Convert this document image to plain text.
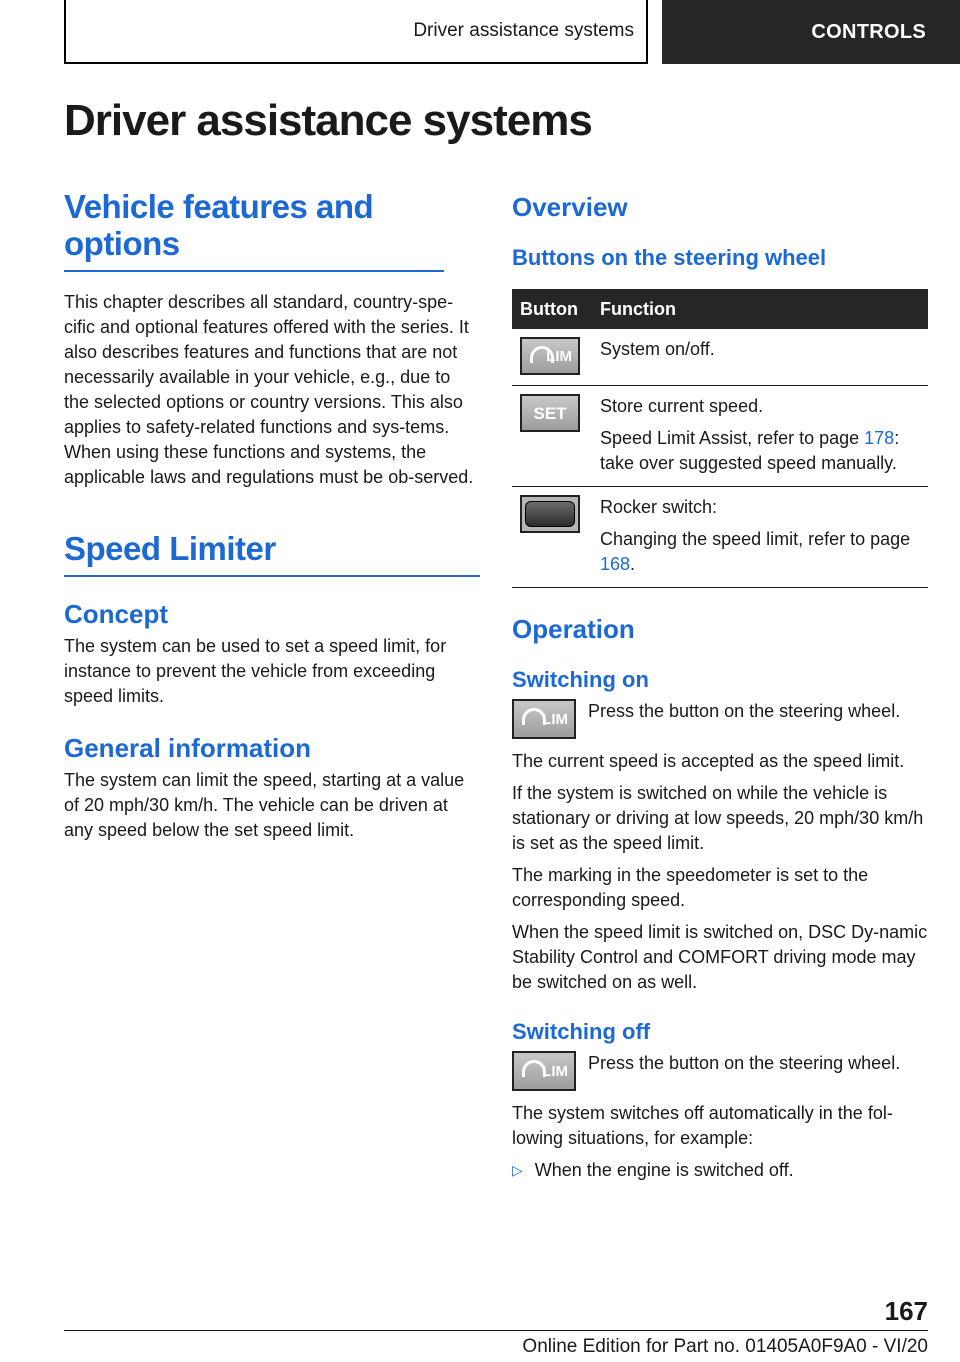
Driver assistance systems	CONTROLS
Driver assistance systems
Vehicle features and options

This chapter describes all standard, country-spe-cific and optional features offered with the series. It also describes features and functions that are not necessarily available in your vehicle, e.g., due to the selected options or country versions. This also applies to safety-related functions and sys-tems. When using these functions and systems, the applicable laws and regulations must be ob-served.

Speed Limiter
Concept

The system can be used to set a speed limit, for instance to prevent the vehicle from exceeding speed limits.

General information

The system can limit the speed, starting at a value of 20 mph/30 km/h. The vehicle can be driven at any speed below the set speed limit.

Overview
Buttons on the steering wheel
Button	Function

LIM	System on/off.

SET	Store current speed.

Speed Limit Assist, refer to page 178: take over suggested speed manually.

	Rocker switch:

Changing the speed limit, refer to page 168.

Operation
Switching on
LIM Press the button on the steering wheel.

The current speed is accepted as the speed limit.

If the system is switched on while the vehicle is stationary or driving at low speeds, 20 mph/30 km/h is set as the speed limit.

The marking in the speedometer is set to the corresponding speed.

When the speed limit is switched on, DSC Dy-namic Stability Control and COMFORT driving mode may be switched on as well.

Switching off
LIM Press the button on the steering wheel.

The system switches off automatically in the fol-lowing situations, for example:

▷ When the engine is switched off.
167
Online Edition for Part no. 01405A0F9A0 - VI/20
